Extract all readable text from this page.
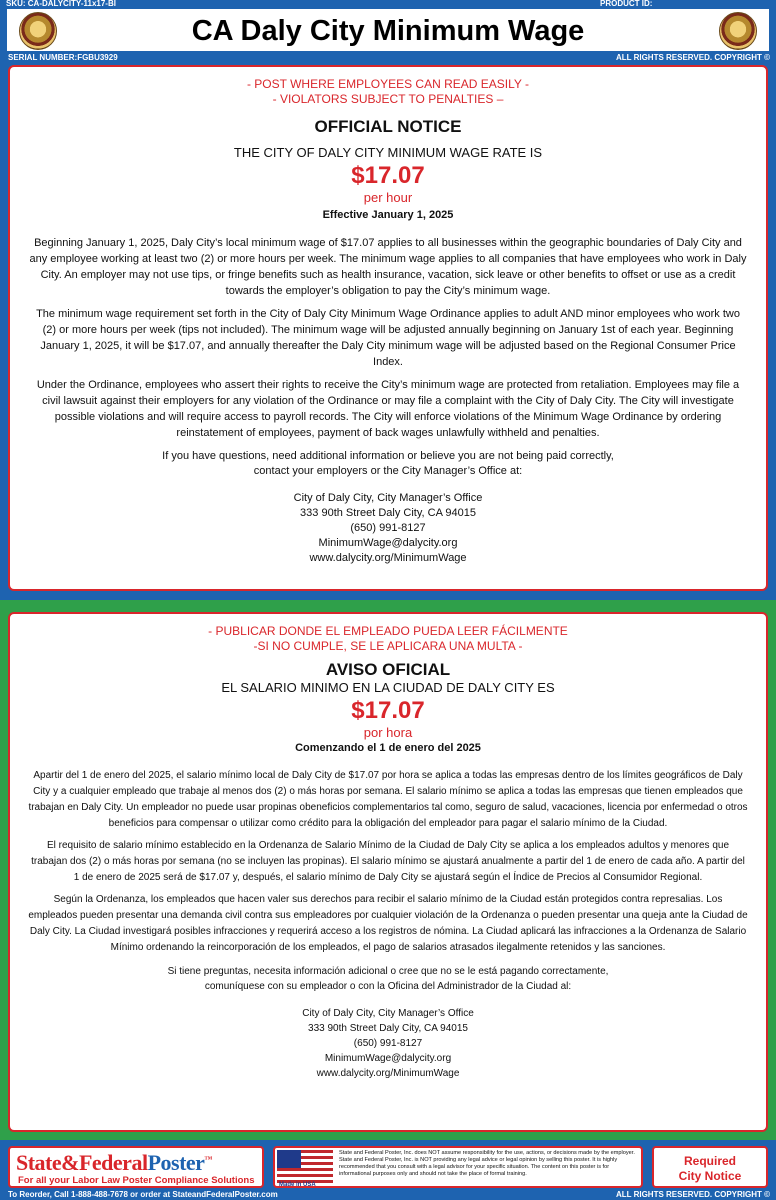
SKU: CA-DALYCITY-11x17-BI	PRODUCT ID:
CA Daly City Minimum Wage
SERIAL NUMBER:FGBU3929	ALL RIGHTS RESERVED. COPYRIGHT ©
- POST WHERE EMPLOYEES CAN READ EASILY -
- VIOLATORS SUBJECT TO PENALTIES –
OFFICIAL NOTICE
THE CITY OF DALY CITY MINIMUM WAGE RATE IS
$17.07
per hour
Effective January 1, 2025

Beginning January 1, 2025, Daly City’s local minimum wage of $17.07 applies to all businesses within the geographic boundaries of Daly City and any employee working at least two (2) or more hours per week. The minimum wage applies to all companies that have employees who work in Daly City. An employer may not use tips, or fringe benefits such as health insurance, vacation, sick leave or other benefits to offset or use as a credit towards the employer’s obligation to pay the City’s minimum wage.

The minimum wage requirement set forth in the City of Daly City Minimum Wage Ordinance applies to adult AND minor employees who work two (2) or more hours per week (tips not included). The minimum wage will be adjusted annually beginning on January 1st of each year. Beginning January 1, 2025, it will be $17.07, and annually thereafter the Daly City minimum wage will be adjusted based on the Regional Consumer Price Index.

Under the Ordinance, employees who assert their rights to receive the City’s minimum wage are protected from retaliation. Employees may file a civil lawsuit against their employers for any violation of the Ordinance or may file a complaint with the City of Daly City. The City will investigate possible violations and will require access to payroll records. The City will enforce violations of the Minimum Wage Ordinance by ordering reinstatement of employees, payment of back wages unlawfully withheld and penalties.

If you have questions, need additional information or believe you are not being paid correctly,
contact your employers or the City Manager’s Office at:
City of Daly City, City Manager’s Office
333 90th Street Daly City, CA 94015
(650) 991-8127
MinimumWage@dalycity.org
www.dalycity.org/MinimumWage
- PUBLICAR DONDE EL EMPLEADO PUEDA LEER FÁCILMENTE
-SI NO CUMPLE, SE LE APLICARA UNA MULTA -
AVISO OFICIAL
EL SALARIO MINIMO EN LA CIUDAD DE DALY CITY ES
$17.07
por hora
Comenzando el 1 de enero del 2025

Apartir del 1 de enero del 2025, el salario mínimo local de Daly City de $17.07 por hora se aplica a todas las empresas dentro de los límites geográficos de Daly City y a cualquier empleado que trabaje al menos dos (2) o más horas por semana. El salario mínimo se aplica a todas las empresas que tienen empleados que trabajan en Daly City. Un empleador no puede usar propinas obeneficios complementarios tal como, seguro de salud, vacaciones, licencia por enfermedad o otros beneficios para compensar o utilizar como crédito para la obligación del empleador para pagar el salario mínimo de la Ciudad.

El requisito de salario mínimo establecido en la Ordenanza de Salario Mínimo de la Ciudad de Daly City se aplica a los empleados adultos y menores que trabajan dos (2) o más horas por semana (no se incluyen las propinas). El salario mínimo se ajustará anualmente a partir del 1 de enero de cada año. A partir del 1 de enero de 2025 será de $17.07 y, después, el salario mínimo de Daly City se ajustará según el Índice de Precios al Consumidor Regional.

Según la Ordenanza, los empleados que hacen valer sus derechos para recibir el salario mínimo de la Ciudad están protegidos contra represalias. Los empleados pueden presentar una demanda civil contra sus empleadores por cualquier violación de la Ordenanza o pueden presentar una queja ante la Ciudad de Daly City. La Ciudad investigará posibles infracciones y requerirá acceso a los registros de nómina. La Ciudad aplicará las infracciones a la Ordenanza de Salario Mínimo ordenando la reincorporación de los empleados, el pago de salarios atrasados ilegalmente retenidos y las sanciones.

Si tiene preguntas, necesita información adicional o cree que no se le está pagando correctamente,
comuníquese con su empleador o con la Oficina del Administrador de la Ciudad al:
City of Daly City, City Manager’s Office
333 90th Street Daly City, CA 94015
(650) 991-8127
MinimumWage@dalycity.org
www.dalycity.org/MinimumWage
State&FederalPoster™
For all your Labor Law Poster Compliance Solutions	Made in USA
State and Federal Poster, Inc. does NOT assume responsibility for the use, actions, or decisions made by the employer. State and Federal Poster, Inc. is NOT providing any legal advice or legal opinion by selling this poster. It is highly recommended that you consult with a legal advisor for your specific situation. The content on this poster is for informational purposes only and should not take the place of formal training.
Required
City Notice
To Reorder, Call 1-888-488-7678 or order at StateandFederalPoster.com	ALL RIGHTS RESERVED. COPYRIGHT ©
